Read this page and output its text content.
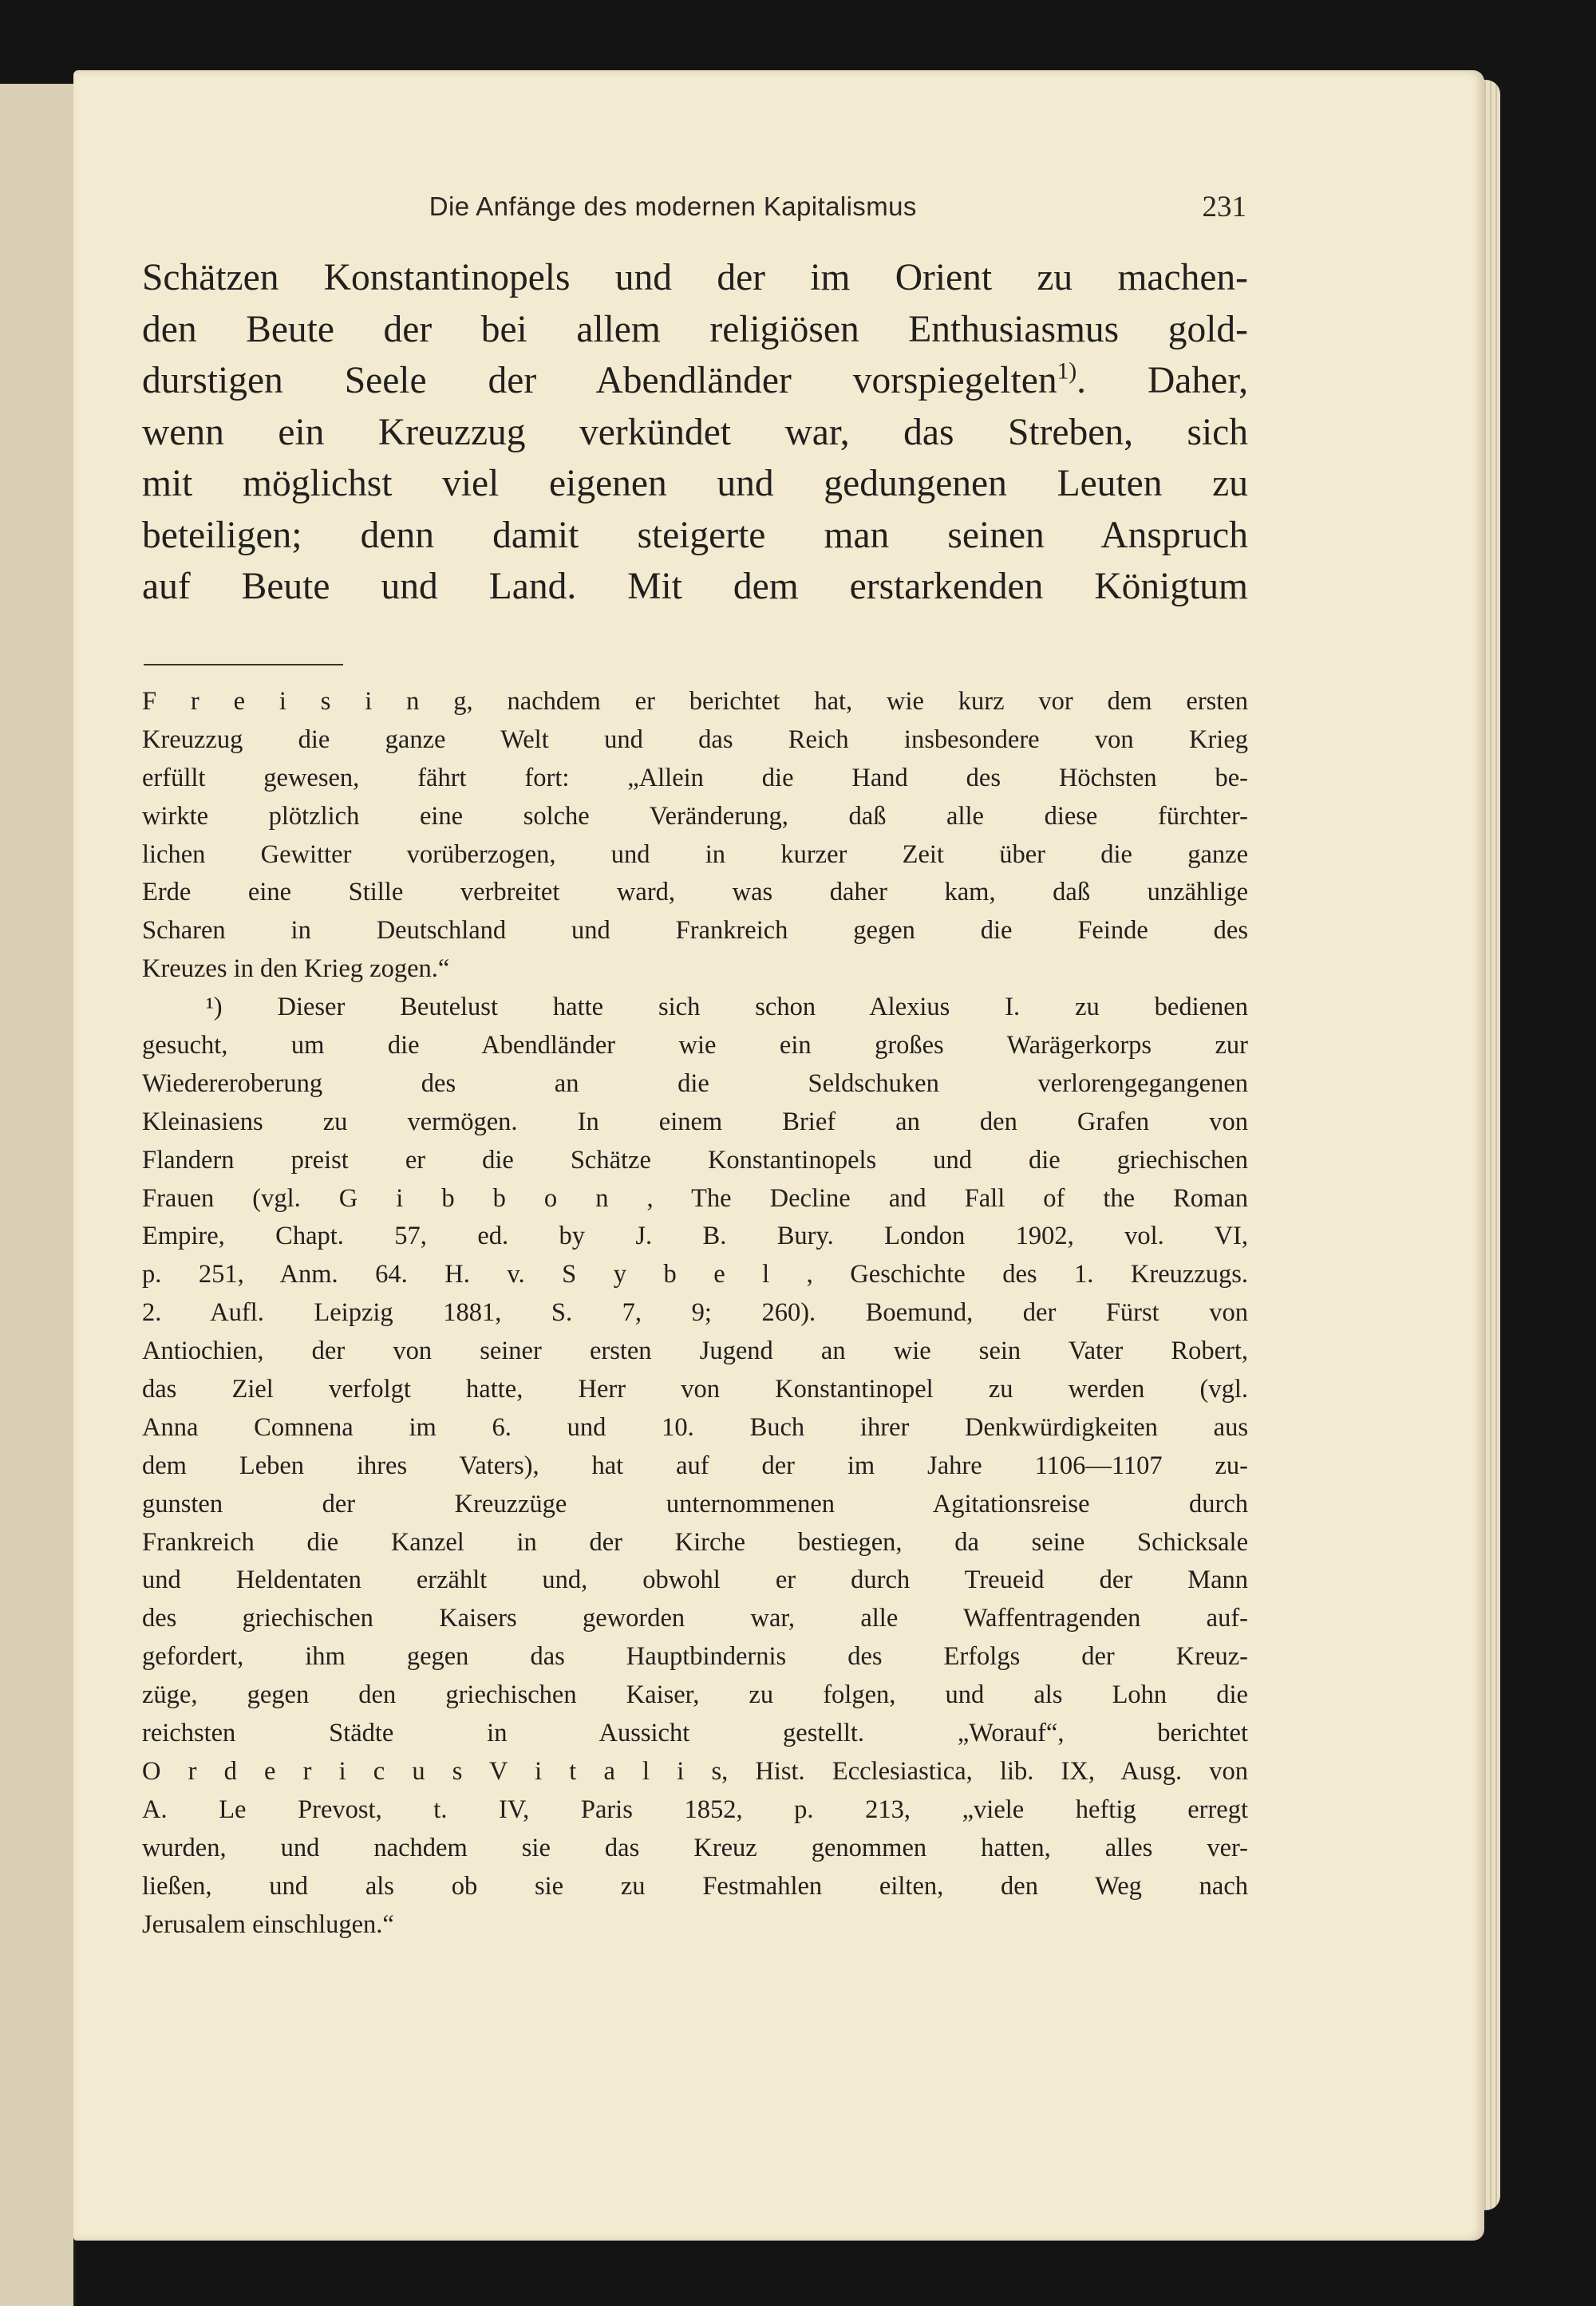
Die Anfänge des modernen Kapitalismus	231
Schätzen Konstantinopels und der im Orient zu machen-
den Beute der bei allem religiösen Enthusiasmus gold-
durstigen Seele der Abendländer vorspiegelten$^{1)}$. Daher,
wenn ein Kreuzzug verkündet war, das Streben, sich
mit möglichst viel eigenen und gedungenen Leuten zu
beteiligen; denn damit steigerte man seinen Anspruch
auf Beute und Land. Mit dem erstarkenden Königtum
F r e i s i n g, nachdem er berichtet hat, wie kurz vor dem ersten
Kreuzzug die ganze Welt und das Reich insbesondere von Krieg
erfüllt gewesen, fährt fort: „Allein die Hand des Höchsten be-
wirkte plötzlich eine solche Veränderung, daß alle diese fürchter-
lichen Gewitter vorüberzogen, und in kurzer Zeit über die ganze
Erde eine Stille verbreitet ward, was daher kam, daß unzählige
Scharen in Deutschland und Frankreich gegen die Feinde des
Kreuzes in den Krieg zogen.“
¹) Dieser Beutelust hatte sich schon Alexius I. zu bedienen
gesucht, um die Abendländer wie ein großes Warägerkorps zur
Wiedereroberung des an die Seldschuken verlorengegangenen
Kleinasiens zu vermögen. In einem Brief an den Grafen von
Flandern preist er die Schätze Konstantinopels und die griechischen
Frauen (vgl. G i b b o n , The Decline and Fall of the Roman
Empire, Chapt. 57, ed. by J. B. Bury. London 1902, vol. VI,
p. 251, Anm. 64. H. v. S y b e l , Geschichte des 1. Kreuzzugs.
2. Aufl. Leipzig 1881, S. 7, 9; 260). Boemund, der Fürst von
Antiochien, der von seiner ersten Jugend an wie sein Vater Robert,
das Ziel verfolgt hatte, Herr von Konstantinopel zu werden (vgl.
Anna Comnena im 6. und 10. Buch ihrer Denkwürdigkeiten aus
dem Leben ihres Vaters), hat auf der im Jahre 1106—1107 zu-
gunsten der Kreuzzüge unternommenen Agitationsreise durch
Frankreich die Kanzel in der Kirche bestiegen, da seine Schicksale
und Heldentaten erzählt und, obwohl er durch Treueid der Mann
des griechischen Kaisers geworden war, alle Waffentragenden auf-
gefordert, ihm gegen das Hauptbindernis des Erfolgs der Kreuz-
züge, gegen den griechischen Kaiser, zu folgen, und als Lohn die
reichsten Städte in Aussicht gestellt. „Worauf“, berichtet
O r d e r i c u s V i t a l i s, Hist. Ecclesiastica, lib. IX, Ausg. von
A. Le Prevost, t. IV, Paris 1852, p. 213, „viele heftig erregt
wurden, und nachdem sie das Kreuz genommen hatten, alles ver-
ließen, und als ob sie zu Festmahlen eilten, den Weg nach
Jerusalem einschlugen.“
